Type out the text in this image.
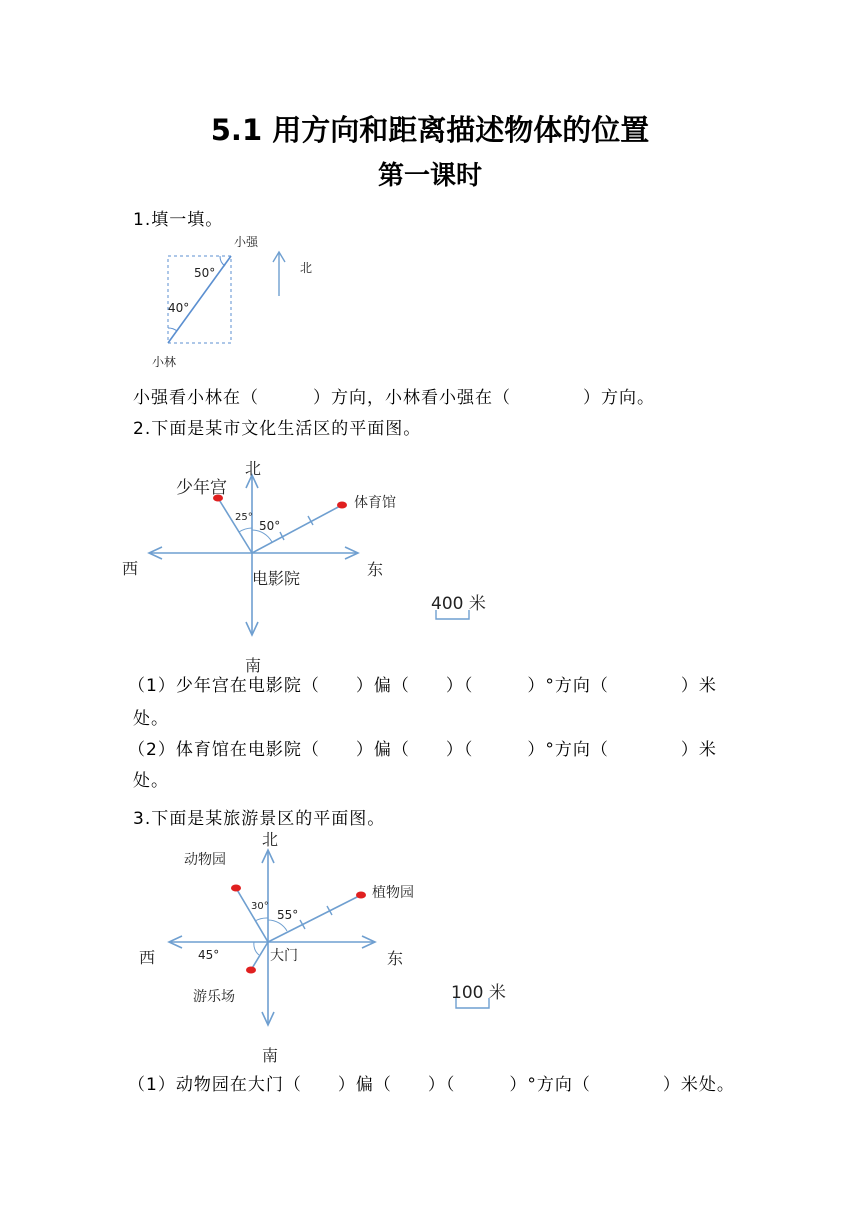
5.1 用方向和距离描述物体的位置
第一课时
1.填一填。
小强
小林
北
50°
40°
小强看小林在（　　　）方向，小林看小强在（　　　　）方向。
2.下面是某市文化生活区的平面图。
北
少年宫
体育馆
25°
50°
西	东
电影院
400 米
南
（1）少年宫在电影院（　　）偏（　　）（　　　）°方向（　　　　）米
处。
（2）体育馆在电影院（　　）偏（　　）（　　　）°方向（　　　　）米
处。
3.下面是某旅游景区的平面图。
北
动物园
植物园
30°
55°
西	45°	大门	东
游乐场	100 米
南
（1）动物园在大门（　　）偏（　　）（　　　）°方向（　　　　）米处。
